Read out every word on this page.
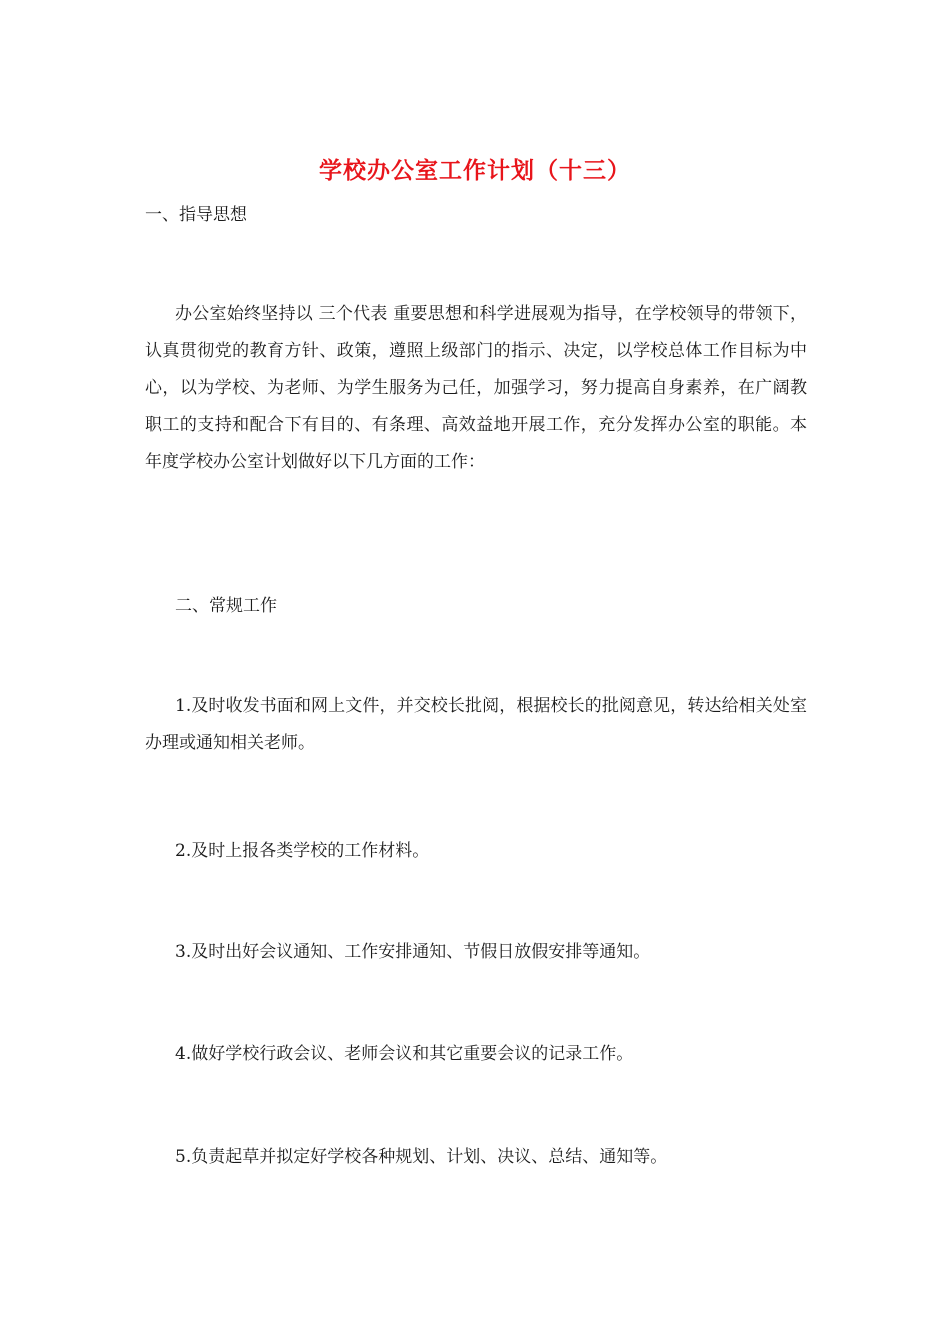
学校办公室工作计划（十三）
一、指导思想

办公室始终坚持以 三个代表 重要思想和科学进展观为指导，在学校领导的带领下，认真贯彻党的教育方针、政策，遵照上级部门的指示、决定，以学校总体工作目标为中心，以为学校、为老师、为学生服务为己任，加强学习，努力提高自身素养，在广阔教职工的支持和配合下有目的、有条理、高效益地开展工作，充分发挥办公室的职能。本年度学校办公室计划做好以下几方面的工作：

二、常规工作

1.及时收发书面和网上文件，并交校长批阅，根据校长的批阅意见，转达给相关处室办理或通知相关老师。

2.及时上报各类学校的工作材料。

3.及时出好会议通知、工作安排通知、节假日放假安排等通知。

4.做好学校行政会议、老师会议和其它重要会议的记录工作。

5.负责起草并拟定好学校各种规划、计划、决议、总结、通知等。
